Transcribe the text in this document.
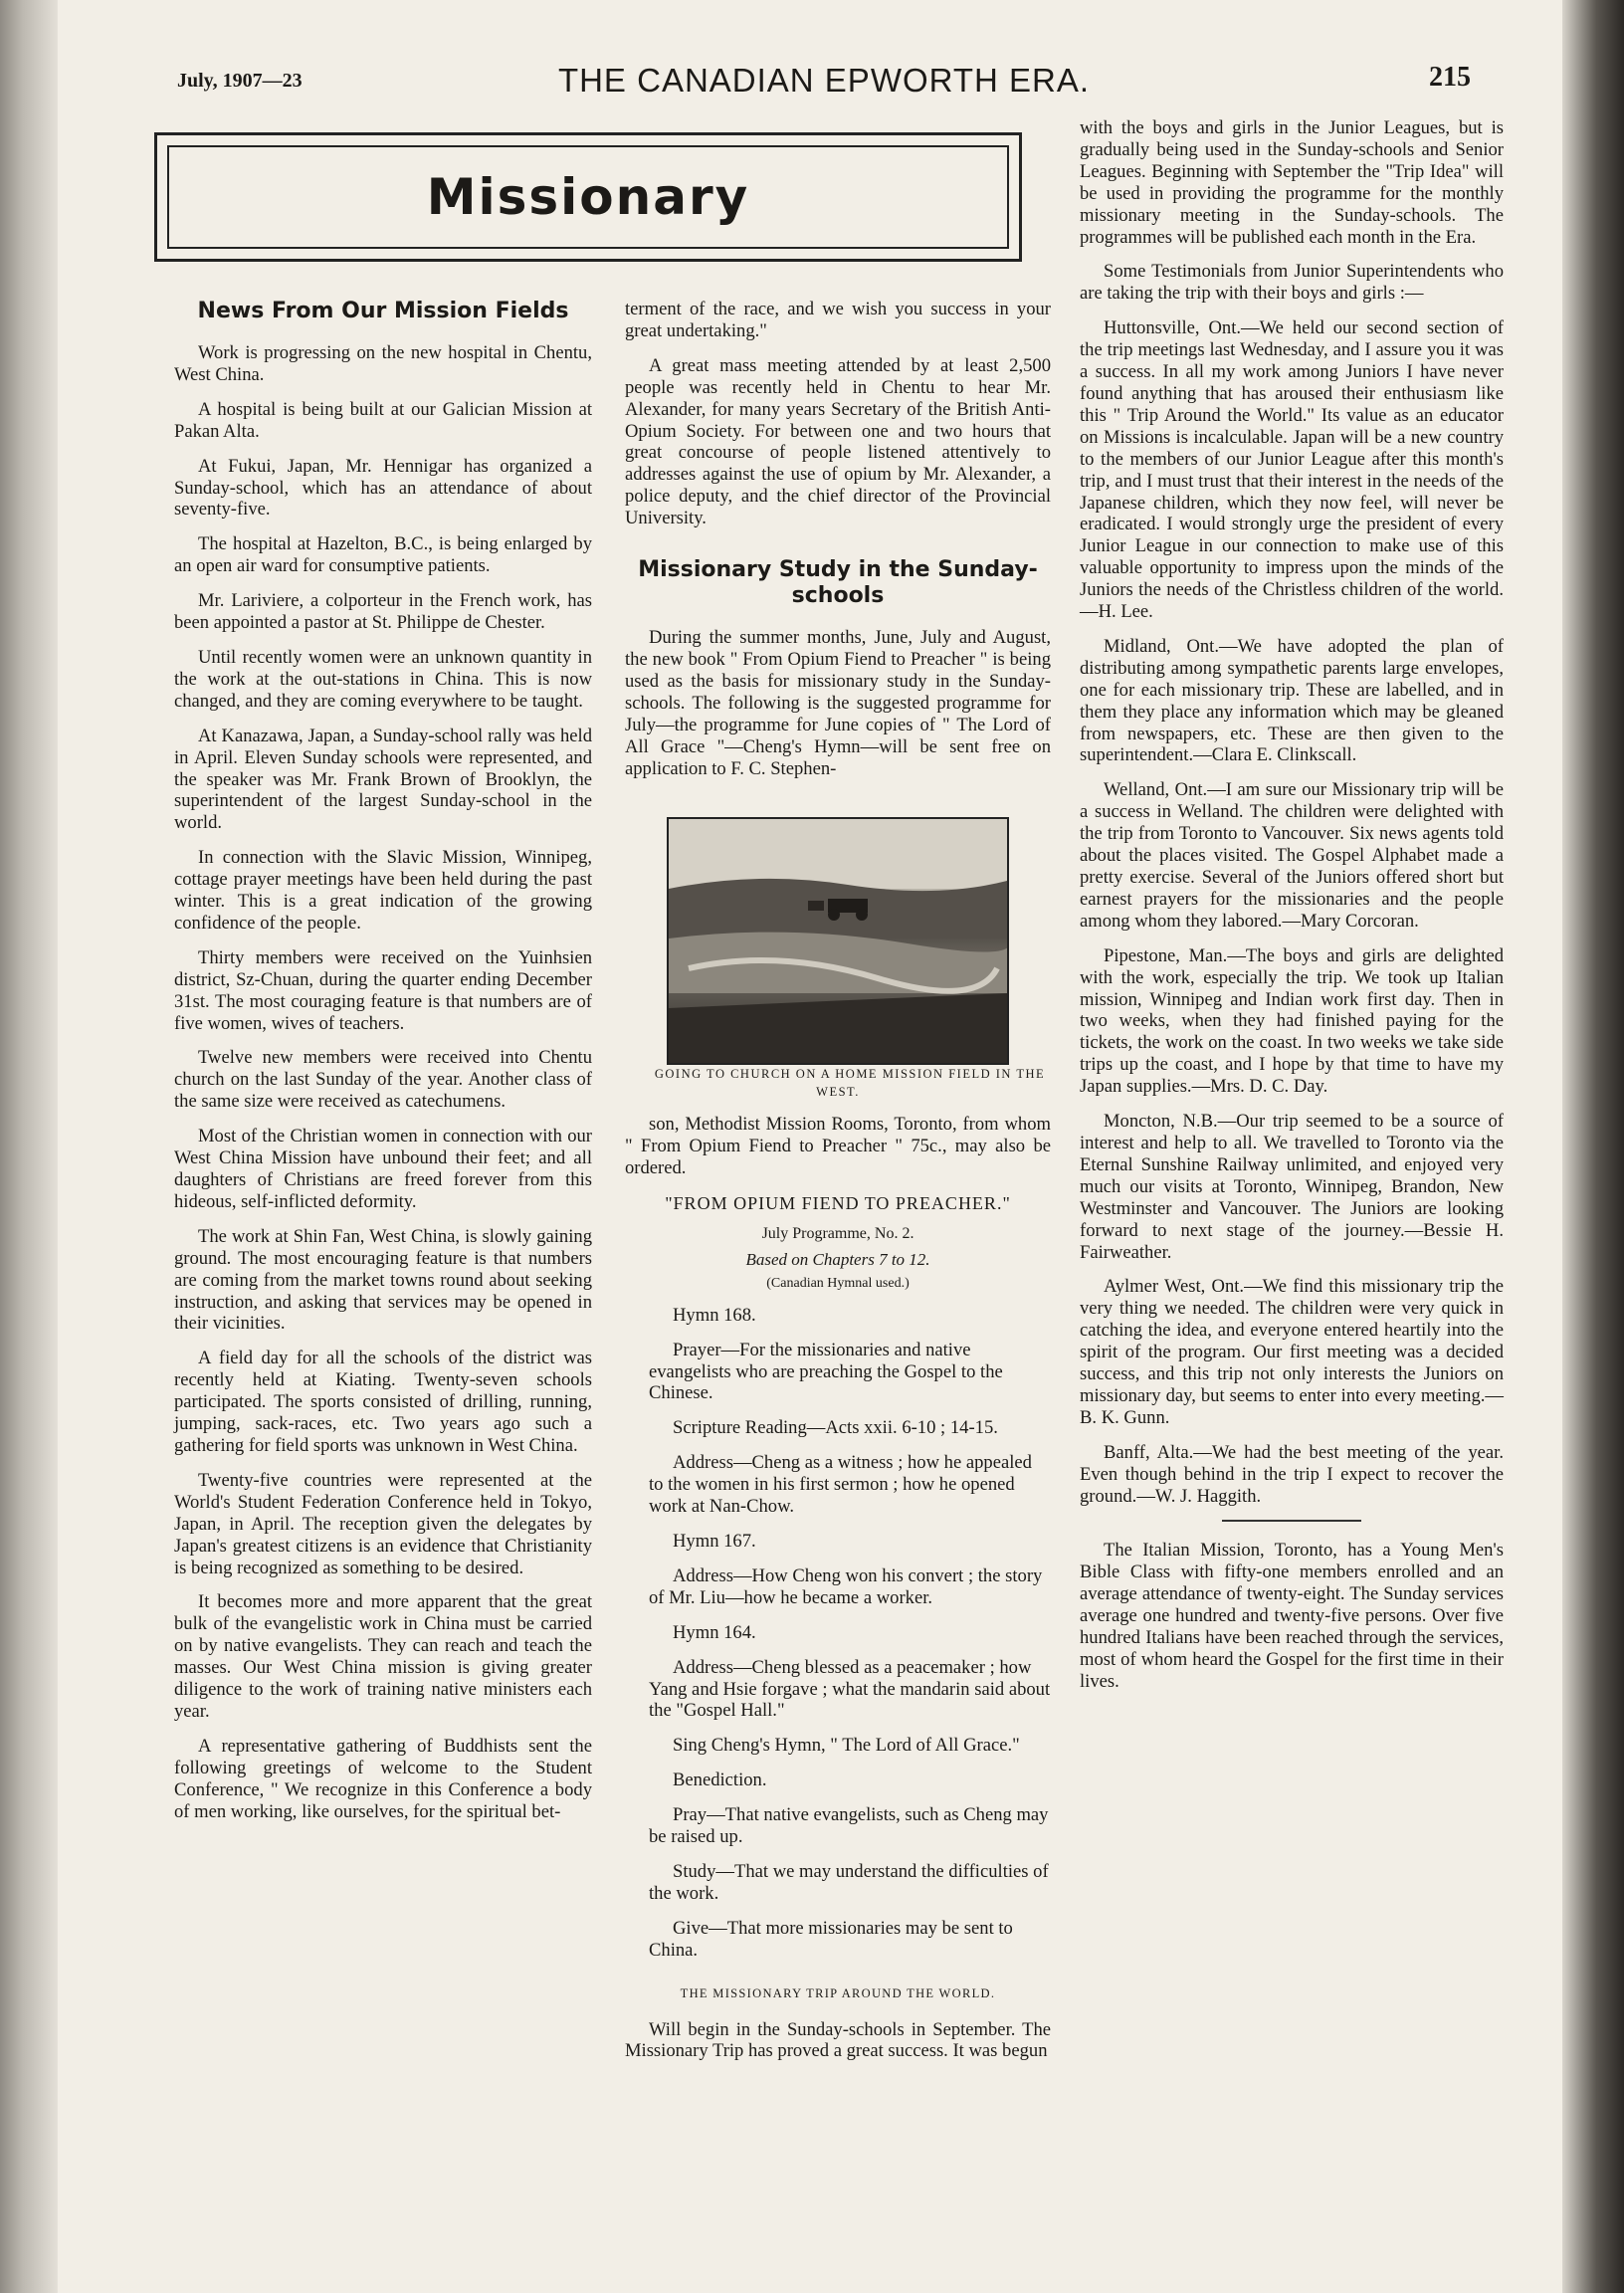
July, 1907—23	THE CANADIAN EPWORTH ERA.	215
Missionary
News From Our Mission Fields

Work is progressing on the new hospital in Chentu, West China.

A hospital is being built at our Galician Mission at Pakan Alta.

At Fukui, Japan, Mr. Hennigar has organized a Sunday-school, which has an attendance of about seventy-five.

The hospital at Hazelton, B.C., is being enlarged by an open air ward for consumptive patients.

Mr. Lariviere, a colporteur in the French work, has been appointed a pastor at St. Philippe de Chester.

Until recently women were an unknown quantity in the work at the out-stations in China. This is now changed, and they are coming everywhere to be taught.

At Kanazawa, Japan, a Sunday-school rally was held in April. Eleven Sunday schools were represented, and the speaker was Mr. Frank Brown of Brooklyn, the superintendent of the largest Sunday-school in the world.

In connection with the Slavic Mission, Winnipeg, cottage prayer meetings have been held during the past winter. This is a great indication of the growing confidence of the people.

Thirty members were received on the Yuinhsien district, Sz-Chuan, during the quarter ending December 31st. The most couraging feature is that numbers are of five women, wives of teachers.

Twelve new members were received into Chentu church on the last Sunday of the year. Another class of the same size were received as catechumens.

Most of the Christian women in connection with our West China Mission have unbound their feet; and all daughters of Christians are freed forever from this hideous, self-inflicted deformity.

The work at Shin Fan, West China, is slowly gaining ground. The most encouraging feature is that numbers are coming from the market towns round about seeking instruction, and asking that services may be opened in their vicinities.

A field day for all the schools of the district was recently held at Kiating. Twenty-seven schools participated. The sports consisted of drilling, running, jumping, sack-races, etc. Two years ago such a gathering for field sports was unknown in West China.

Twenty-five countries were represented at the World's Student Federation Conference held in Tokyo, Japan, in April. The reception given the delegates by Japan's greatest citizens is an evidence that Christianity is being recognized as something to be desired.

It becomes more and more apparent that the great bulk of the evangelistic work in China must be carried on by native evangelists. They can reach and teach the masses. Our West China mission is giving greater diligence to the work of training native ministers each year.

A representative gathering of Buddhists sent the following greetings of welcome to the Student Conference, " We recognize in this Conference a body of men working, like ourselves, for the spiritual bet-

terment of the race, and we wish you success in your great undertaking."

A great mass meeting attended by at least 2,500 people was recently held in Chentu to hear Mr. Alexander, for many years Secretary of the British Anti-Opium Society. For between one and two hours that great concourse of people listened attentively to addresses against the use of opium by Mr. Alexander, a police deputy, and the chief director of the Provincial University.

Missionary Study in the Sunday-schools

During the summer months, June, July and August, the new book " From Opium Fiend to Preacher " is being used as the basis for missionary study in the Sunday-schools. The following is the suggested programme for July—the programme for June copies of " The Lord of All Grace "—Cheng's Hymn—will be sent free on application to F. C. Stephen-

GOING TO CHURCH ON A HOME MISSION FIELD IN THE WEST.

son, Methodist Mission Rooms, Toronto, from whom " From Opium Fiend to Preacher " 75c., may also be ordered.

"FROM OPIUM FIEND TO PREACHER."
July Programme, No. 2.
Based on Chapters 7 to 12.
(Canadian Hymnal used.)

Hymn 168.

Prayer—For the missionaries and native evangelists who are preaching the Gospel to the Chinese.

Scripture Reading—Acts xxii. 6-10 ; 14-15.

Address—Cheng as a witness ; how he appealed to the women in his first sermon ; how he opened work at Nan-Chow.

Hymn 167.

Address—How Cheng won his convert ; the story of Mr. Liu—how he became a worker.

Hymn 164.

Address—Cheng blessed as a peacemaker ; how Yang and Hsie forgave ; what the mandarin said about the "Gospel Hall."

Sing Cheng's Hymn, " The Lord of All Grace."

Benediction.

Pray—That native evangelists, such as Cheng may be raised up.

Study—That we may understand the difficulties of the work.

Give—That more missionaries may be sent to China.

THE MISSIONARY TRIP AROUND THE WORLD.

Will begin in the Sunday-schools in September. The Missionary Trip has proved a great success. It was begun

with the boys and girls in the Junior Leagues, but is gradually being used in the Sunday-schools and Senior Leagues. Beginning with September the "Trip Idea" will be used in providing the programme for the monthly missionary meeting in the Sunday-schools. The programmes will be published each month in the Era.

Some Testimonials from Junior Superintendents who are taking the trip with their boys and girls :—

Huttonsville, Ont.—We held our second section of the trip meetings last Wednesday, and I assure you it was a success. In all my work among Juniors I have never found anything that has aroused their enthusiasm like this " Trip Around the World." Its value as an educator on Missions is incalculable. Japan will be a new country to the members of our Junior League after this month's trip, and I must trust that their interest in the needs of the Japanese children, which they now feel, will never be eradicated. I would strongly urge the president of every Junior League in our connection to make use of this valuable opportunity to impress upon the minds of the Juniors the needs of the Christless children of the world.—H. Lee.

Midland, Ont.—We have adopted the plan of distributing among sympathetic parents large envelopes, one for each missionary trip. These are labelled, and in them they place any information which may be gleaned from newspapers, etc. These are then given to the superintendent.—Clara E. Clinkscall.

Welland, Ont.—I am sure our Missionary trip will be a success in Welland. The children were delighted with the trip from Toronto to Vancouver. Six news agents told about the places visited. The Gospel Alphabet made a pretty exercise. Several of the Juniors offered short but earnest prayers for the missionaries and the people among whom they labored.—Mary Corcoran.

Pipestone, Man.—The boys and girls are delighted with the work, especially the trip. We took up Italian mission, Winnipeg and Indian work first day. Then in two weeks, when they had finished paying for the tickets, the work on the coast. In two weeks we take side trips up the coast, and I hope by that time to have my Japan supplies.—Mrs. D. C. Day.

Moncton, N.B.—Our trip seemed to be a source of interest and help to all. We travelled to Toronto via the Eternal Sunshine Railway unlimited, and enjoyed very much our visits at Toronto, Winnipeg, Brandon, New Westminster and Vancouver. The Juniors are looking forward to next stage of the journey.—Bessie H. Fairweather.

Aylmer West, Ont.—We find this missionary trip the very thing we needed. The children were very quick in catching the idea, and everyone entered heartily into the spirit of the program. Our first meeting was a decided success, and this trip not only interests the Juniors on missionary day, but seems to enter into every meeting.—B. K. Gunn.

Banff, Alta.—We had the best meeting of the year. Even though behind in the trip I expect to recover the ground.—W. J. Haggith.

The Italian Mission, Toronto, has a Young Men's Bible Class with fifty-one members enrolled and an average attendance of twenty-eight. The Sunday services average one hundred and twenty-five persons. Over five hundred Italians have been reached through the services, most of whom heard the Gospel for the first time in their lives.
